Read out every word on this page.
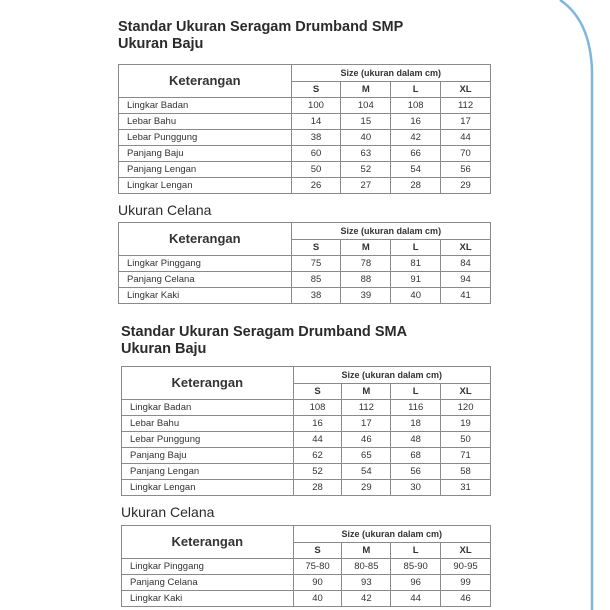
Standar Ukuran Seragam Drumband SMP

Ukuran Baju

Keterangan	Size (ukuran dalam cm)			
	S	M	L	XL
Lingkar Badan	100	104	108	112
Lebar Bahu	14	15	16	17
Lebar Punggung	38	40	42	44
Panjang Baju	60	63	66	70
Panjang Lengan	50	52	54	56
Lingkar Lengan	26	27	28	29

Ukuran Celana

Keterangan	Size (ukuran dalam cm)			
	S	M	L	XL
Lingkar Pinggang	75	78	81	84
Panjang Celana	85	88	91	94
Lingkar Kaki	38	39	40	41

Standar Ukuran Seragam Drumband SMA

Ukuran Baju

Keterangan	Size (ukuran dalam cm)			
	S	M	L	XL
Lingkar Badan	108	112	116	120
Lebar Bahu	16	17	18	19
Lebar Punggung	44	46	48	50
Panjang Baju	62	65	68	71
Panjang Lengan	52	54	56	58
Lingkar Lengan	28	29	30	31

Ukuran Celana

Keterangan	Size (ukuran dalam cm)			
	S	M	L	XL
Lingkar Pinggang	75-80	80-85	85-90	90-95
Panjang Celana	90	93	96	99
Lingkar Kaki	40	42	44	46
